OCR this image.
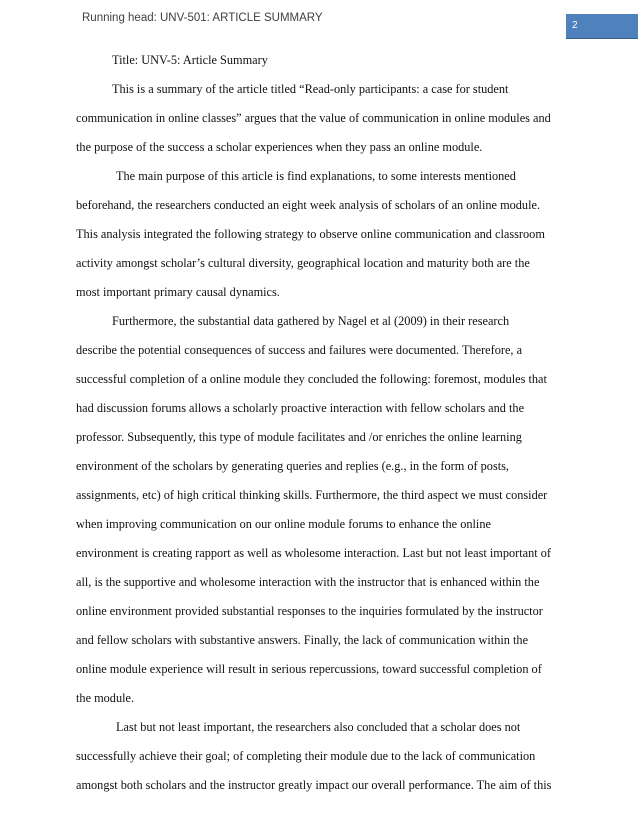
Running head: UNV-501: ARTICLE SUMMARY
2
Title: UNV-5: Article Summary
This is a summary of the article titled “Read-only participants: a case for student
communication in online classes” argues that the value of communication in online modules and
the purpose of the success a scholar experiences when they pass an online module.
The main purpose of this article is find explanations, to some interests mentioned
beforehand, the researchers conducted an eight week analysis of scholars of an online module.
This analysis integrated the following strategy to observe online communication and classroom
activity amongst scholar’s cultural diversity, geographical location and maturity both are the
most important primary causal dynamics.
Furthermore, the substantial data gathered by Nagel et al (2009) in their research
describe the potential consequences of success and failures were documented. Therefore, a
successful completion of a online module they concluded the following: foremost, modules that
had discussion forums allows a scholarly proactive interaction with fellow scholars and the
professor. Subsequently, this type of module facilitates and /or enriches the online learning
environment of the scholars by generating queries and replies (e.g., in the form of posts,
assignments, etc) of high critical thinking skills. Furthermore, the third aspect we must consider
when improving communication on our online module forums to enhance the online
environment is creating rapport as well as wholesome interaction. Last but not least important of
all, is the supportive and wholesome interaction with the instructor that is enhanced within the
online environment provided substantial responses to the inquiries formulated by the instructor
and fellow scholars with substantive answers. Finally, the lack of communication within the
online module experience will result in serious repercussions, toward successful completion of
the module.
Last but not least important, the researchers also concluded that a scholar does not
successfully achieve their goal; of completing their module due to the lack of communication
amongst both scholars and the instructor greatly impact our overall performance. The aim of this
